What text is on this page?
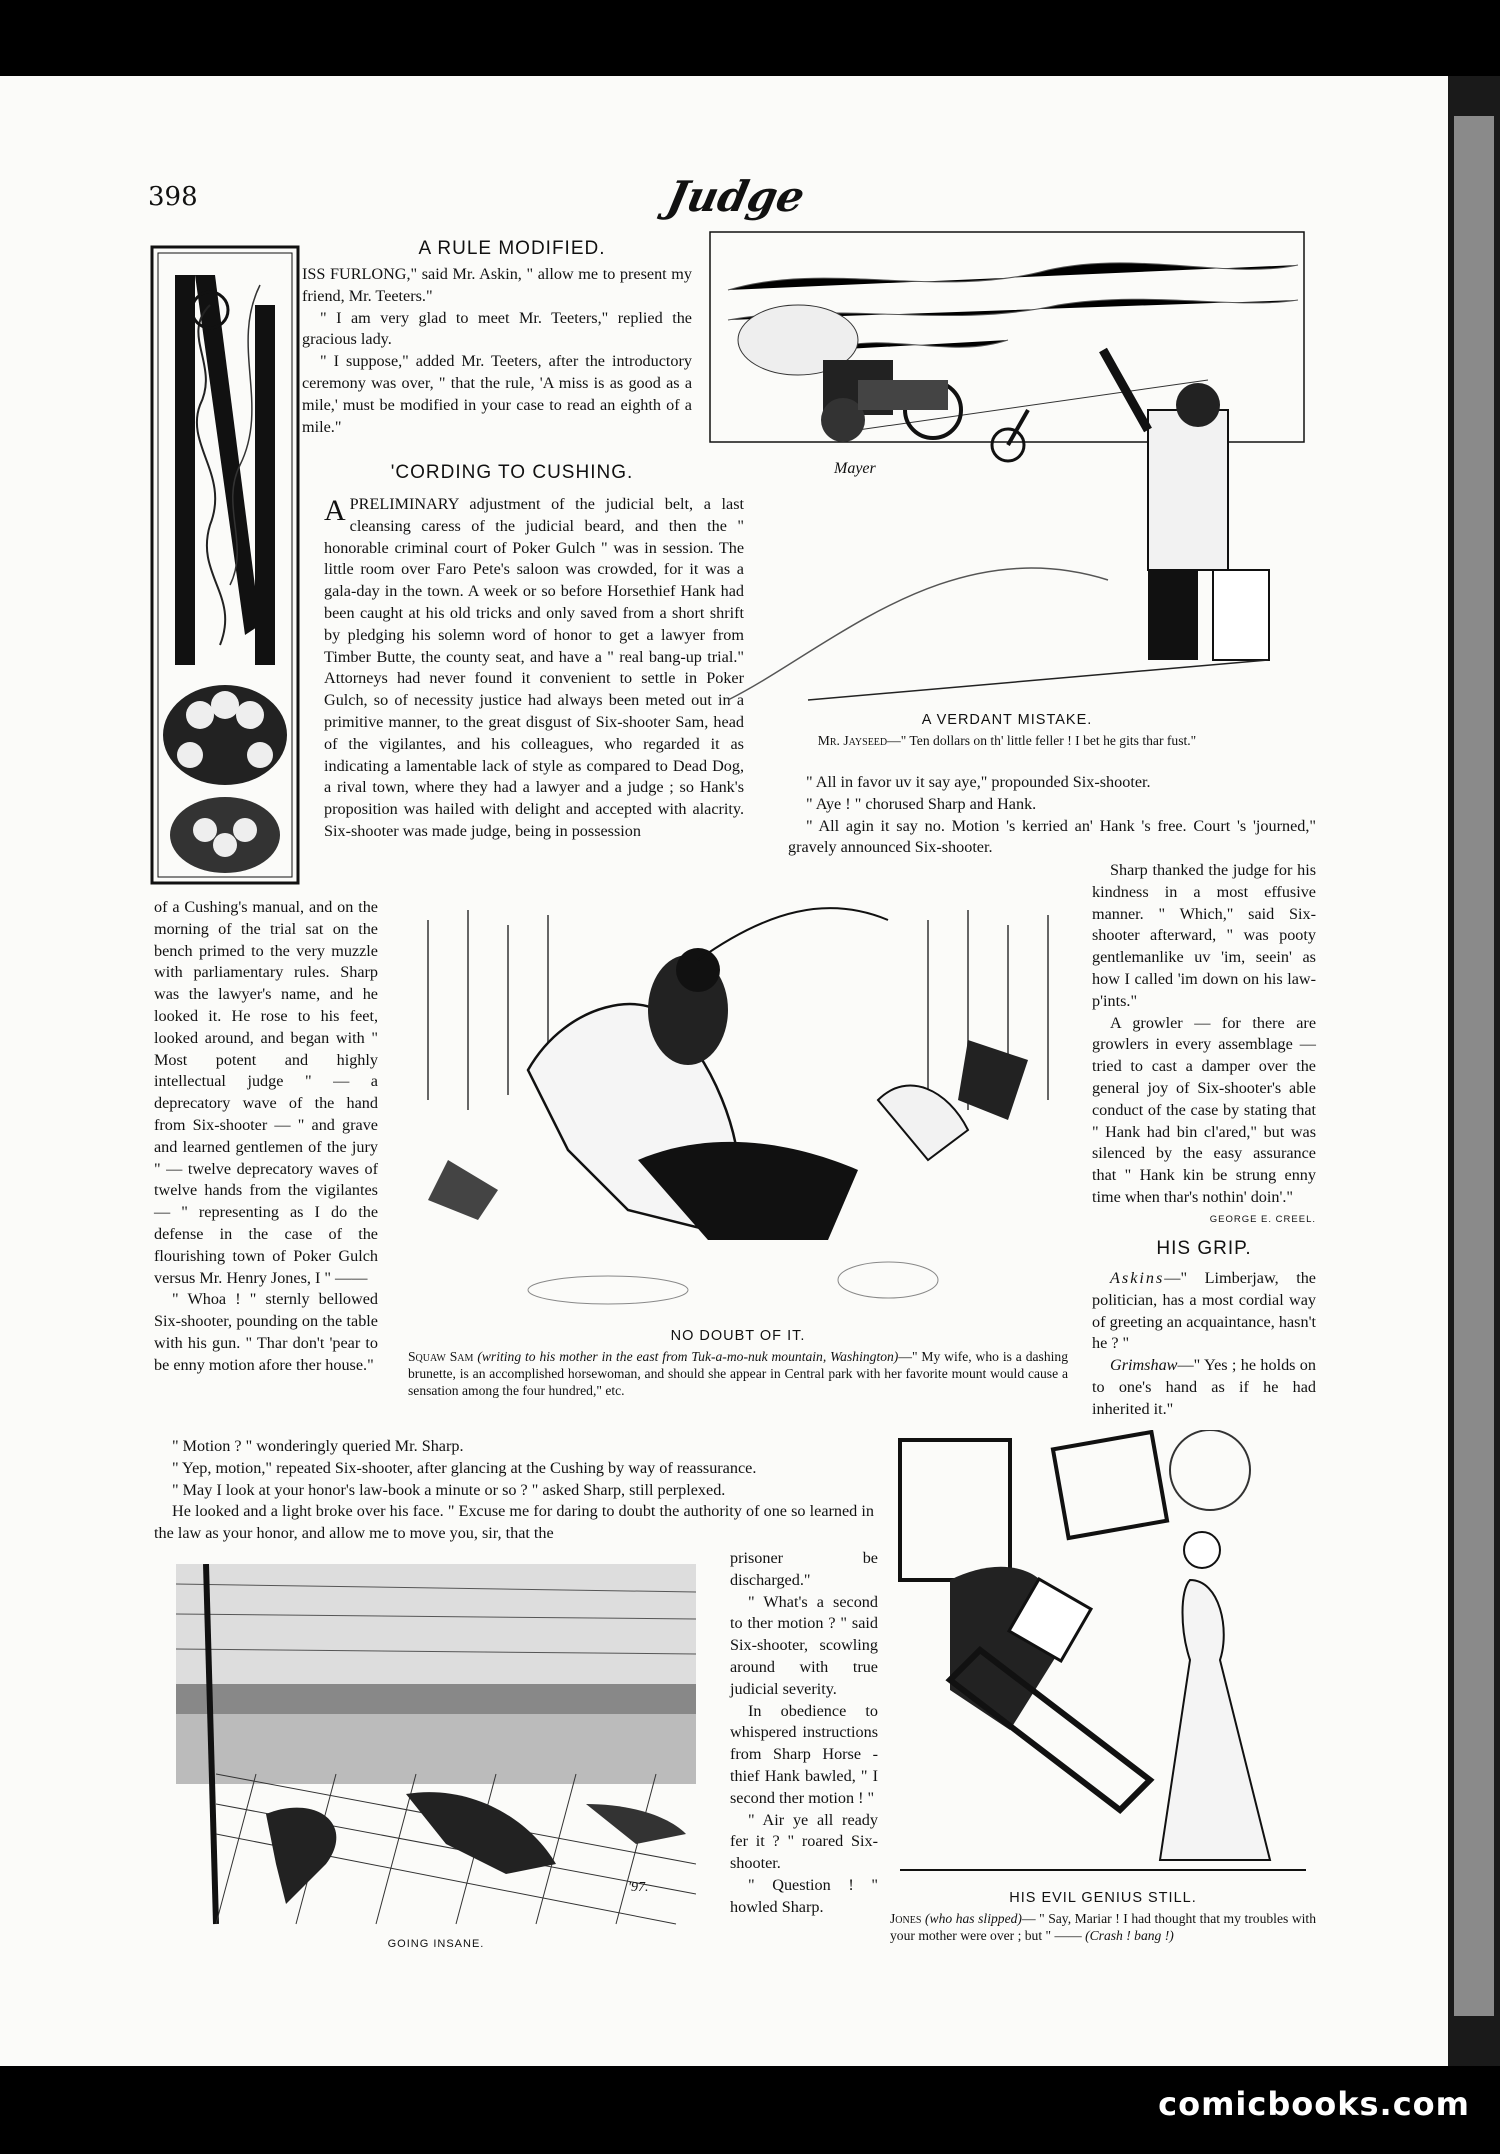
comicbooks.com
398	Judge
A RULE MODIFIED.

ISS FURLONG," said Mr. Askin, " allow me to present my friend, Mr. Teeters."

" I am very glad to meet Mr. Teeters," replied the gracious lady.

" I suppose," added Mr. Teeters, after the introductory ceremony was over, " that the rule, 'A miss is as good as a mile,' must be modified in your case to read an eighth of a mile."

'CORDING TO CUSHING.

APRELIMINARY adjustment of the judicial belt, a last cleansing caress of the judicial beard, and then the " honorable criminal court of Poker Gulch " was in session. The little room over Faro Pete's saloon was crowded, for it was a gala-day in the town. A week or so before Horsethief Hank had been caught at his old tricks and only saved from a short shrift by pledging his solemn word of honor to get a lawyer from Timber Butte, the county seat, and have a " real bang-up trial." Attorneys had never found it convenient to settle in Poker Gulch, so of necessity justice had always been meted out in a primitive manner, to the great disgust of Six-shooter Sam, head of the vigilantes, and his colleagues, who regarded it as indicating a lamentable lack of style as compared to Dead Dog, a rival town, where they had a lawyer and a judge ; so Hank's proposition was hailed with delight and accepted with alacrity. Six-shooter was made judge, being in possession

of a Cushing's manual, and on the morning of the trial sat on the bench primed to the very muzzle with parliamentary rules. Sharp was the lawyer's name, and he looked it. He rose to his feet, looked around, and began with " Most potent and highly intellectual judge " — a deprecatory wave of the hand from Six-shooter — " and grave and learned gentlemen of the jury " — twelve deprecatory waves of twelve hands from the vigilantes — " representing as I do the defense in the case of the flourishing town of Poker Gulch versus Mr. Henry Jones, I " ——

" Whoa ! " sternly bellowed Six-shooter, pounding on the table with his gun. " Thar don't 'pear to be enny motion afore ther house."

" Motion ? " wonderingly queried Mr. Sharp.

" Yep, motion," repeated Six-shooter, after glancing at the Cushing by way of reassurance.

" May I look at your honor's law-book a minute or so ? " asked Sharp, still perplexed.

He looked and a light broke over his face. " Excuse me for daring to doubt the authority of one so learned in the law as your honor, and allow me to move you, sir, that the

prisoner be discharged."

" What's a second to ther motion ? " said Six-shooter, scowling around with true judicial severity.

In obedience to whispered instructions from Sharp Horse - thief Hank bawled, " I second ther motion ! "

" Air ye all ready fer it ? " roared Six-shooter.

" Question ! " howled Sharp.

" All in favor uv it say aye," propounded Six-shooter.

" Aye ! " chorused Sharp and Hank.

" All agin it say no. Motion 's kerried an' Hank 's free. Court 's 'journed," gravely announced Six-shooter.

Sharp thanked the judge for his kindness in a most effusive manner. " Which," said Six-shooter afterward, " was pooty gentlemanlike uv 'im, seein' as how I called 'im down on his law-p'ints."

A growler — for there are growlers in every assemblage — tried to cast a damper over the general joy of Six-shooter's able conduct of the case by stating that " Hank had bin cl'ared," but was silenced by the easy assurance that " Hank kin be strung enny time when thar's nothin' doin'."

GEORGE E. CREEL.
HIS GRIP.

Askins—" Limberjaw, the politician, has a most cordial way of greeting an acquaintance, hasn't he ? "

Grimshaw—" Yes ; he holds on to one's hand as if he had inherited it."

Mayer
A VERDANT MISTAKE.
Mr. Jayseed—" Ten dollars on th' little feller ! I bet he gits thar fust."
NO DOUBT OF IT.
Squaw Sam (writing to his mother in the east from Tuk-a-mo-nuk mountain, Washington)—" My wife, who is a dashing brunette, is an accomplished horsewoman, and should she appear in Central park with her favorite mount would cause a sensation among the four hundred," etc.
'97.
GOING INSANE.
HIS EVIL GENIUS STILL.
Jones (who has slipped)— " Say, Mariar ! I had thought that my troubles with your mother were over ; but " —— (Crash ! bang !)
